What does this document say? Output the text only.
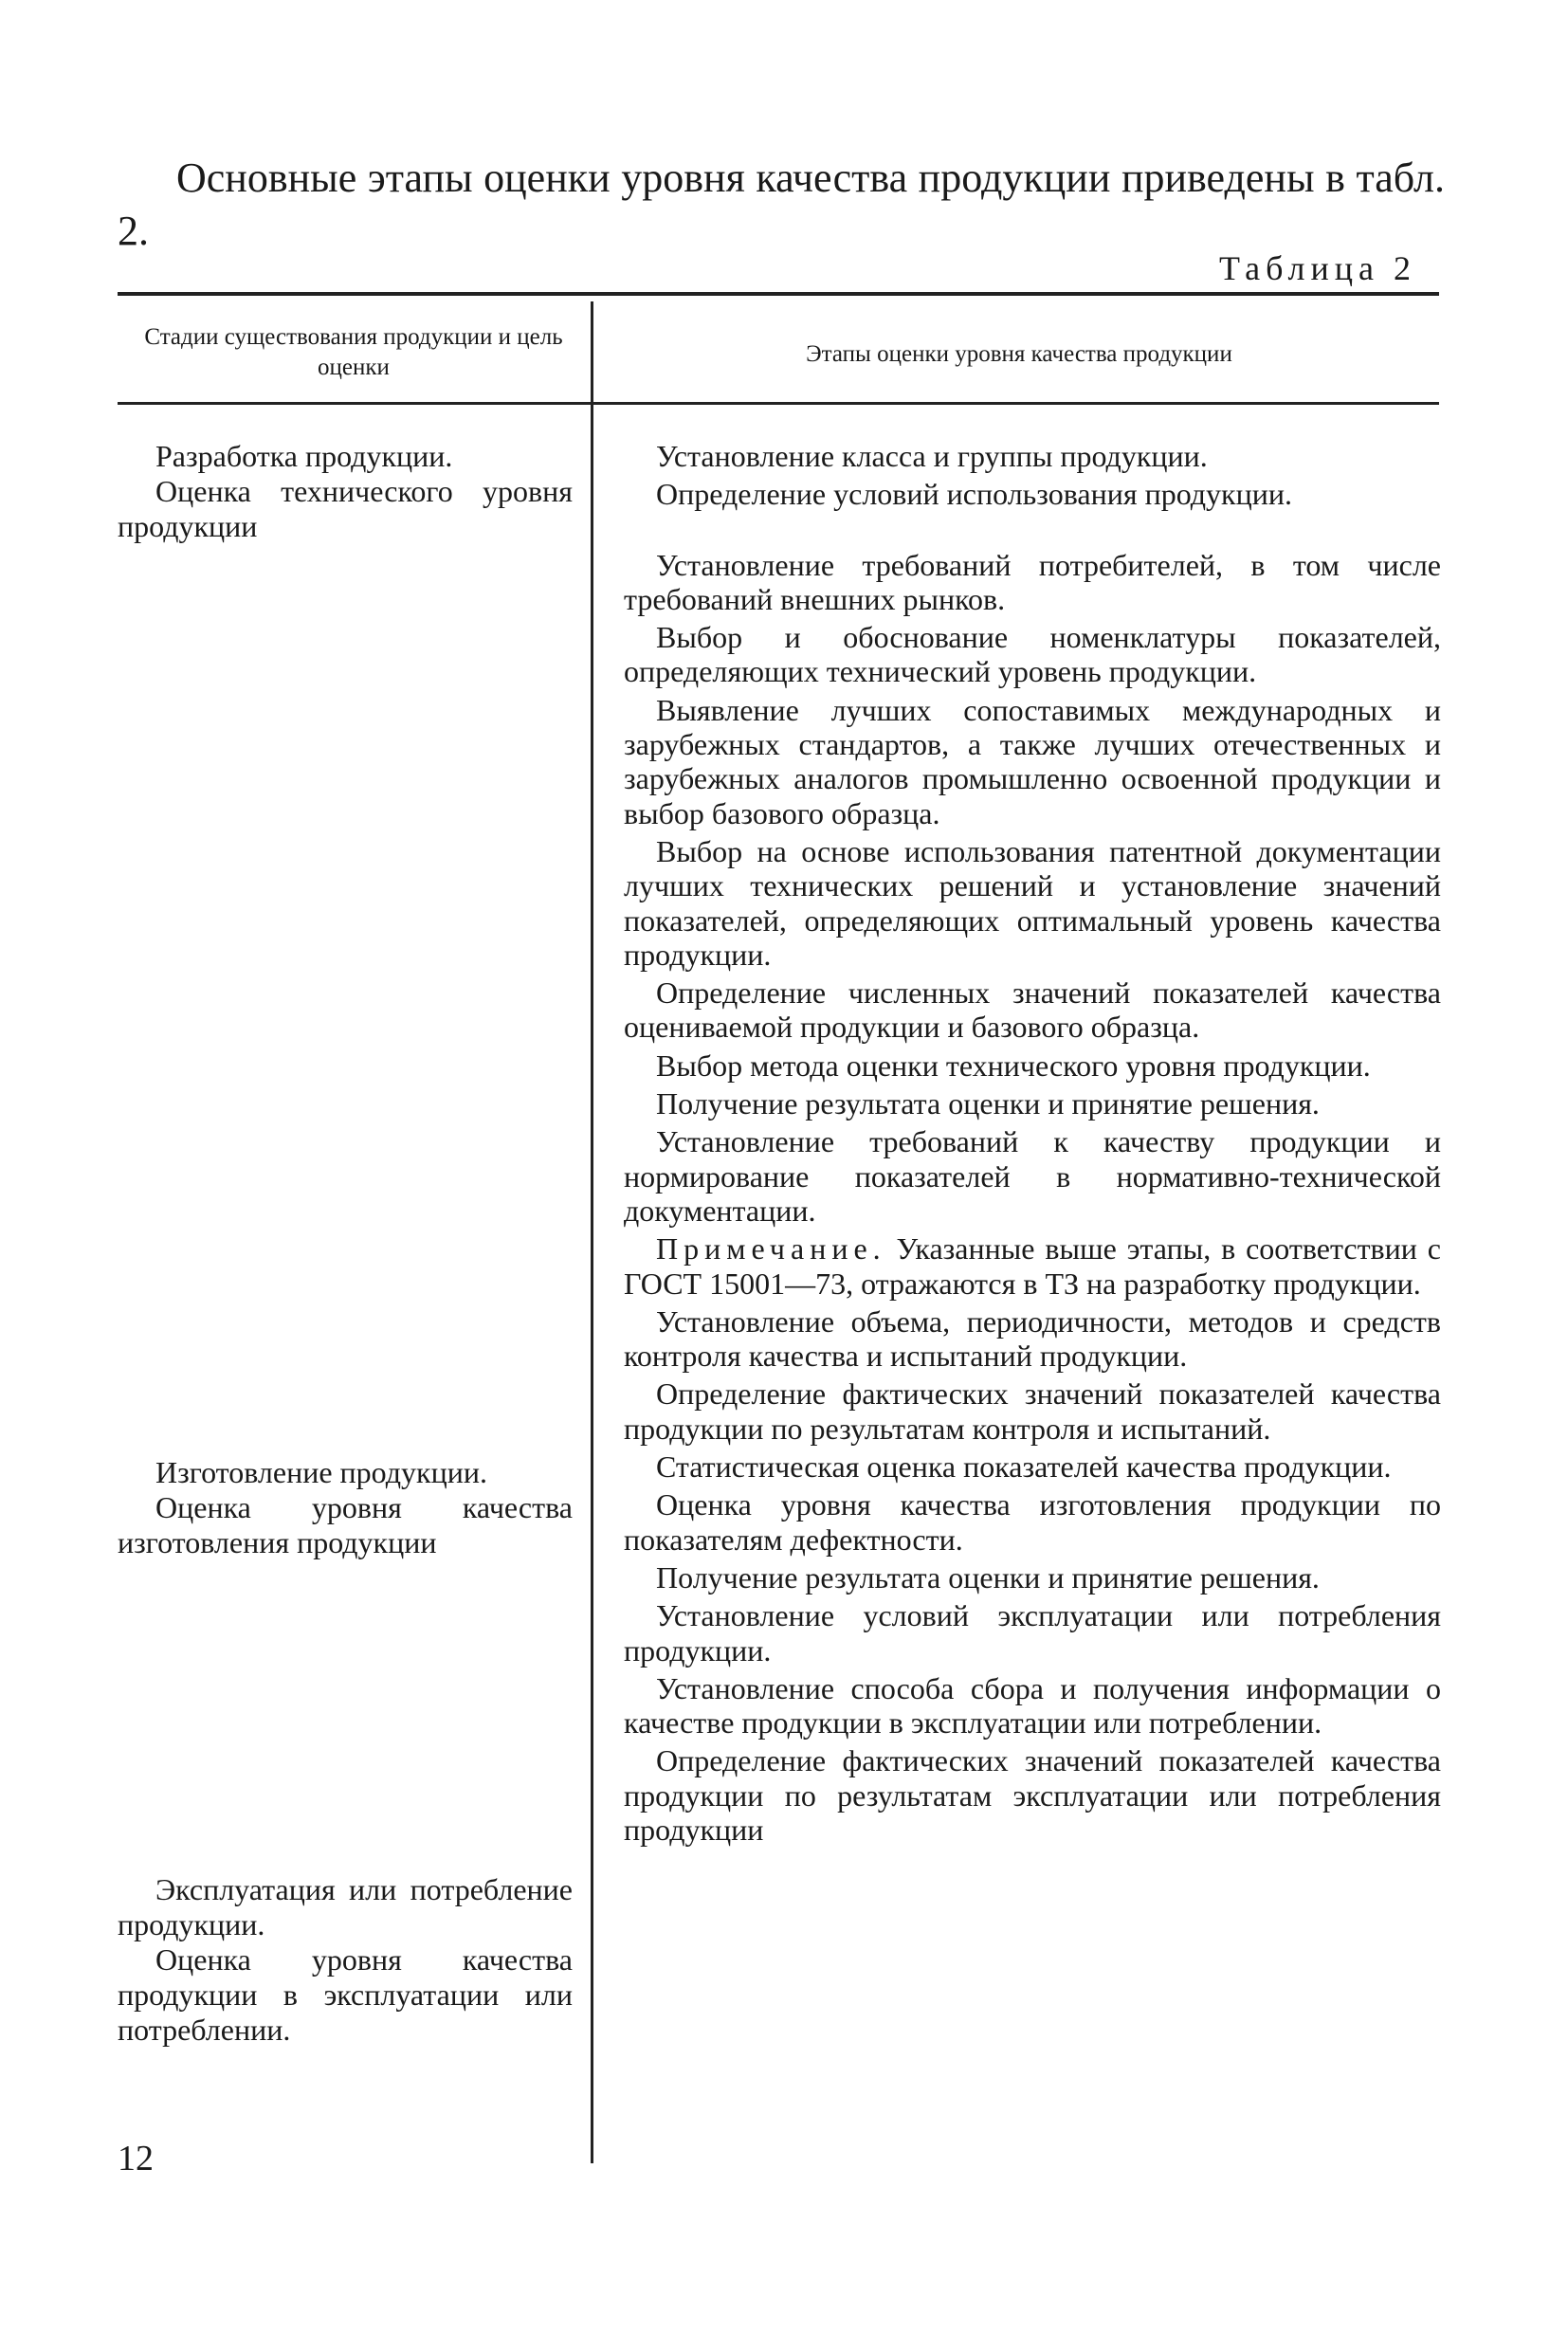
Основные этапы оценки уровня качества продукции приведены в табл. 2.

Таблица 2
Стадии существования продукции и цель оценки
Этапы оценки уровня качества продукции

Разработка продукции.

Оценка технического уровня продукции

Изготовление продукции.

Оценка уровня качества изготовления продукции

Эксплуатация или потребление продукции.

Оценка уровня качества продукции в эксплуатации или потреблении.

Установление класса и группы продукции.

Определение условий использования продукции.

Установление требований потребителей, в том числе требований внешних рынков.

Выбор и обоснование номенклатуры показателей, определяющих технический уровень продукции.

Выявление лучших сопоставимых международных и зарубежных стандартов, а также лучших отечественных и зарубежных аналогов промышленно освоенной продукции и выбор базового образца.

Выбор на основе использования патентной документации лучших технических решений и установление значений показателей, определяющих оптимальный уровень качества продукции.

Определение численных значений показателей качества оцениваемой продукции и базового образца.

Выбор метода оценки технического уровня продукции.

Получение результата оценки и принятие решения.

Установление требований к качеству продукции и нормирование показателей в нормативно-технической документации.

Примечание. Указанные выше этапы, в соответствии с ГОСТ 15001—73, отражаются в ТЗ на разработку продукции.

Установление объема, периодичности, методов и средств контроля качества и испытаний продукции.

Определение фактических значений показателей качества продукции по результатам контроля и испытаний.

Статистическая оценка показателей качества продукции.

Оценка уровня качества изготовления продукции по показателям дефектности.

Получение результата оценки и принятие решения.

Установление условий эксплуатации или потребления продукции.

Установление способа сбора и получения информации о качестве продукции в эксплуатации или потреблении.

Определение фактических значений показателей качества продукции по результатам эксплуатации или потребления продукции

12
